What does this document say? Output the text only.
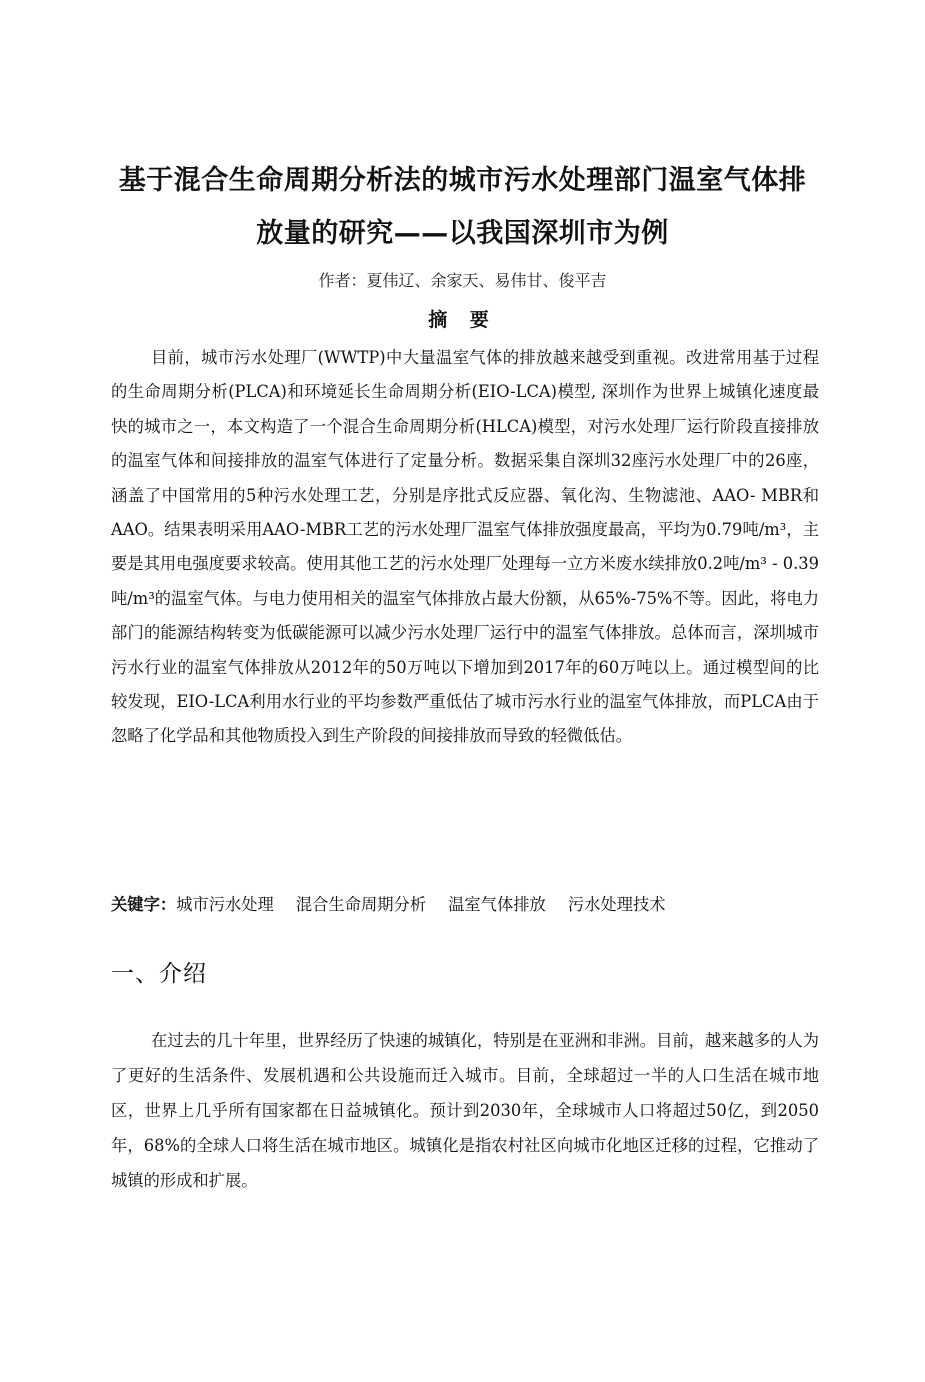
基于混合生命周期分析法的城市污水处理部门温室气体排
放量的研究——以我国深圳市为例
作者：夏伟辽、余家天、易伟甘、俊平吉
摘 要

目前，城市污水处理厂(WWTP)中大量温室气体的排放越来越受到重视。改进常用基于过程的生命周期分析(PLCA)和环境延长生命周期分析(EIO-LCA)模型, 深圳作为世界上城镇化速度最快的城市之一，本文构造了一个混合生命周期分析(HLCA)模型，对污水处理厂运行阶段直接排放的温室气体和间接排放的温室气体进行了定量分析。数据采集自深圳32座污水处理厂中的26座，涵盖了中国常用的5种污水处理工艺，分别是序批式反应器、氧化沟、生物滤池、AAO- MBR和AAO。结果表明采用AAO-MBR工艺的污水处理厂温室气体排放强度最高，平均为0.79吨/m³，主要是其用电强度要求较高。使用其他工艺的污水处理厂处理每一立方米废水续排放0.2吨/m³ - 0.39吨/m³的温室气体。与电力使用相关的温室气体排放占最大份额，从65%-75%不等。因此，将电力部门的能源结构转变为低碳能源可以减少污水处理厂运行中的温室气体排放。总体而言，深圳城市污水行业的温室气体排放从2012年的50万吨以下增加到2017年的60万吨以上。通过模型间的比较发现，EIO-LCA利用水行业的平均参数严重低估了城市污水行业的温室气体排放，而PLCA由于忽略了化学品和其他物质投入到生产阶段的间接排放而导致的轻微低估。

关键字：城市污水处理 混合生命周期分析 温室气体排放 污水处理技术
一、介绍

在过去的几十年里，世界经历了快速的城镇化，特别是在亚洲和非洲。目前，越来越多的人为了更好的生活条件、发展机遇和公共设施而迁入城市。目前，全球超过一半的人口生活在城市地区，世界上几乎所有国家都在日益城镇化。预计到2030年，全球城市人口将超过50亿，到2050年，68%的全球人口将生活在城市地区。城镇化是指农村社区向城市化地区迁移的过程，它推动了城镇的形成和扩展。
